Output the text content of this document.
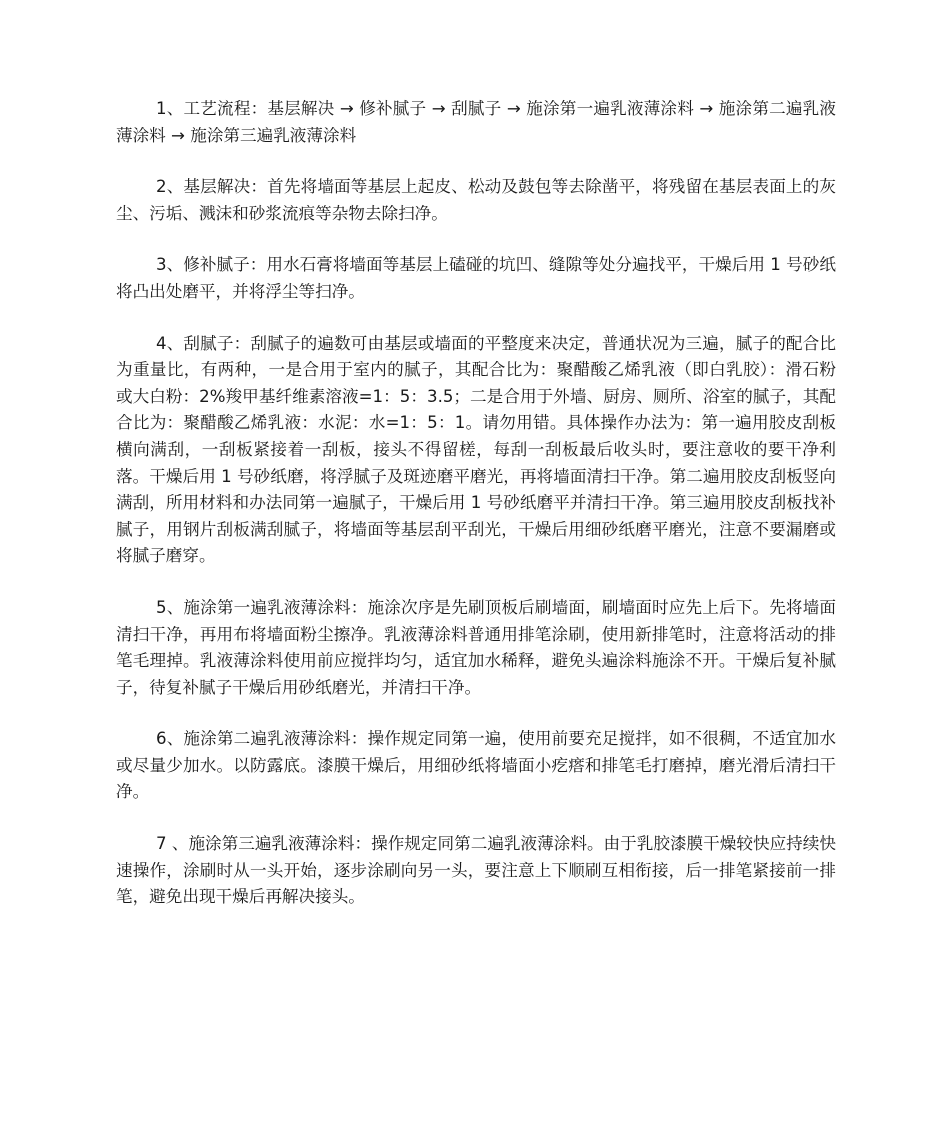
1、工艺流程：基层解决 → 修补腻子 → 刮腻子 → 施涂第一遍乳液薄涂料 → 施涂第二遍乳液薄涂料 → 施涂第三遍乳液薄涂料

2、基层解决：首先将墙面等基层上起皮、松动及鼓包等去除凿平，将残留在基层表面上的灰尘、污垢、溅沫和砂浆流痕等杂物去除扫净。

3、修补腻子：用水石膏将墙面等基层上磕碰的坑凹、缝隙等处分遍找平，干燥后用 1 号砂纸将凸出处磨平，并将浮尘等扫净。

4、刮腻子：刮腻子的遍数可由基层或墙面的平整度来决定，普通状况为三遍，腻子的配合比为重量比，有两种，一是合用于室内的腻子，其配合比为：聚醋酸乙烯乳液（即白乳胶）：滑石粉或大白粉：2%羧甲基纤维素溶液=1：5：3.5；二是合用于外墙、厨房、厕所、浴室的腻子，其配合比为：聚醋酸乙烯乳液：水泥：水=1：5：1。请勿用错。具体操作办法为：第一遍用胶皮刮板横向满刮，一刮板紧接着一刮板，接头不得留槎，每刮一刮板最后收头时，要注意收的要干净利落。干燥后用 1 号砂纸磨，将浮腻子及斑迹磨平磨光，再将墙面清扫干净。第二遍用胶皮刮板竖向满刮，所用材料和办法同第一遍腻子，干燥后用 1 号砂纸磨平并清扫干净。第三遍用胶皮刮板找补腻子，用钢片刮板满刮腻子，将墙面等基层刮平刮光，干燥后用细砂纸磨平磨光，注意不要漏磨或将腻子磨穿。

5、施涂第一遍乳液薄涂料：施涂次序是先刷顶板后刷墙面，刷墙面时应先上后下。先将墙面清扫干净，再用布将墙面粉尘擦净。乳液薄涂料普通用排笔涂刷，使用新排笔时，注意将活动的排笔毛理掉。乳液薄涂料使用前应搅拌均匀，适宜加水稀释，避免头遍涂料施涂不开。干燥后复补腻子，待复补腻子干燥后用砂纸磨光，并清扫干净。

6、施涂第二遍乳液薄涂料：操作规定同第一遍，使用前要充足搅拌，如不很稠，不适宜加水或尽量少加水。以防露底。漆膜干燥后，用细砂纸将墙面小疙瘩和排笔毛打磨掉，磨光滑后清扫干净。

7 、施涂第三遍乳液薄涂料：操作规定同第二遍乳液薄涂料。由于乳胶漆膜干燥较快应持续快速操作，涂刷时从一头开始，逐步涂刷向另一头，要注意上下顺刷互相衔接，后一排笔紧接前一排笔，避免出现干燥后再解决接头。
